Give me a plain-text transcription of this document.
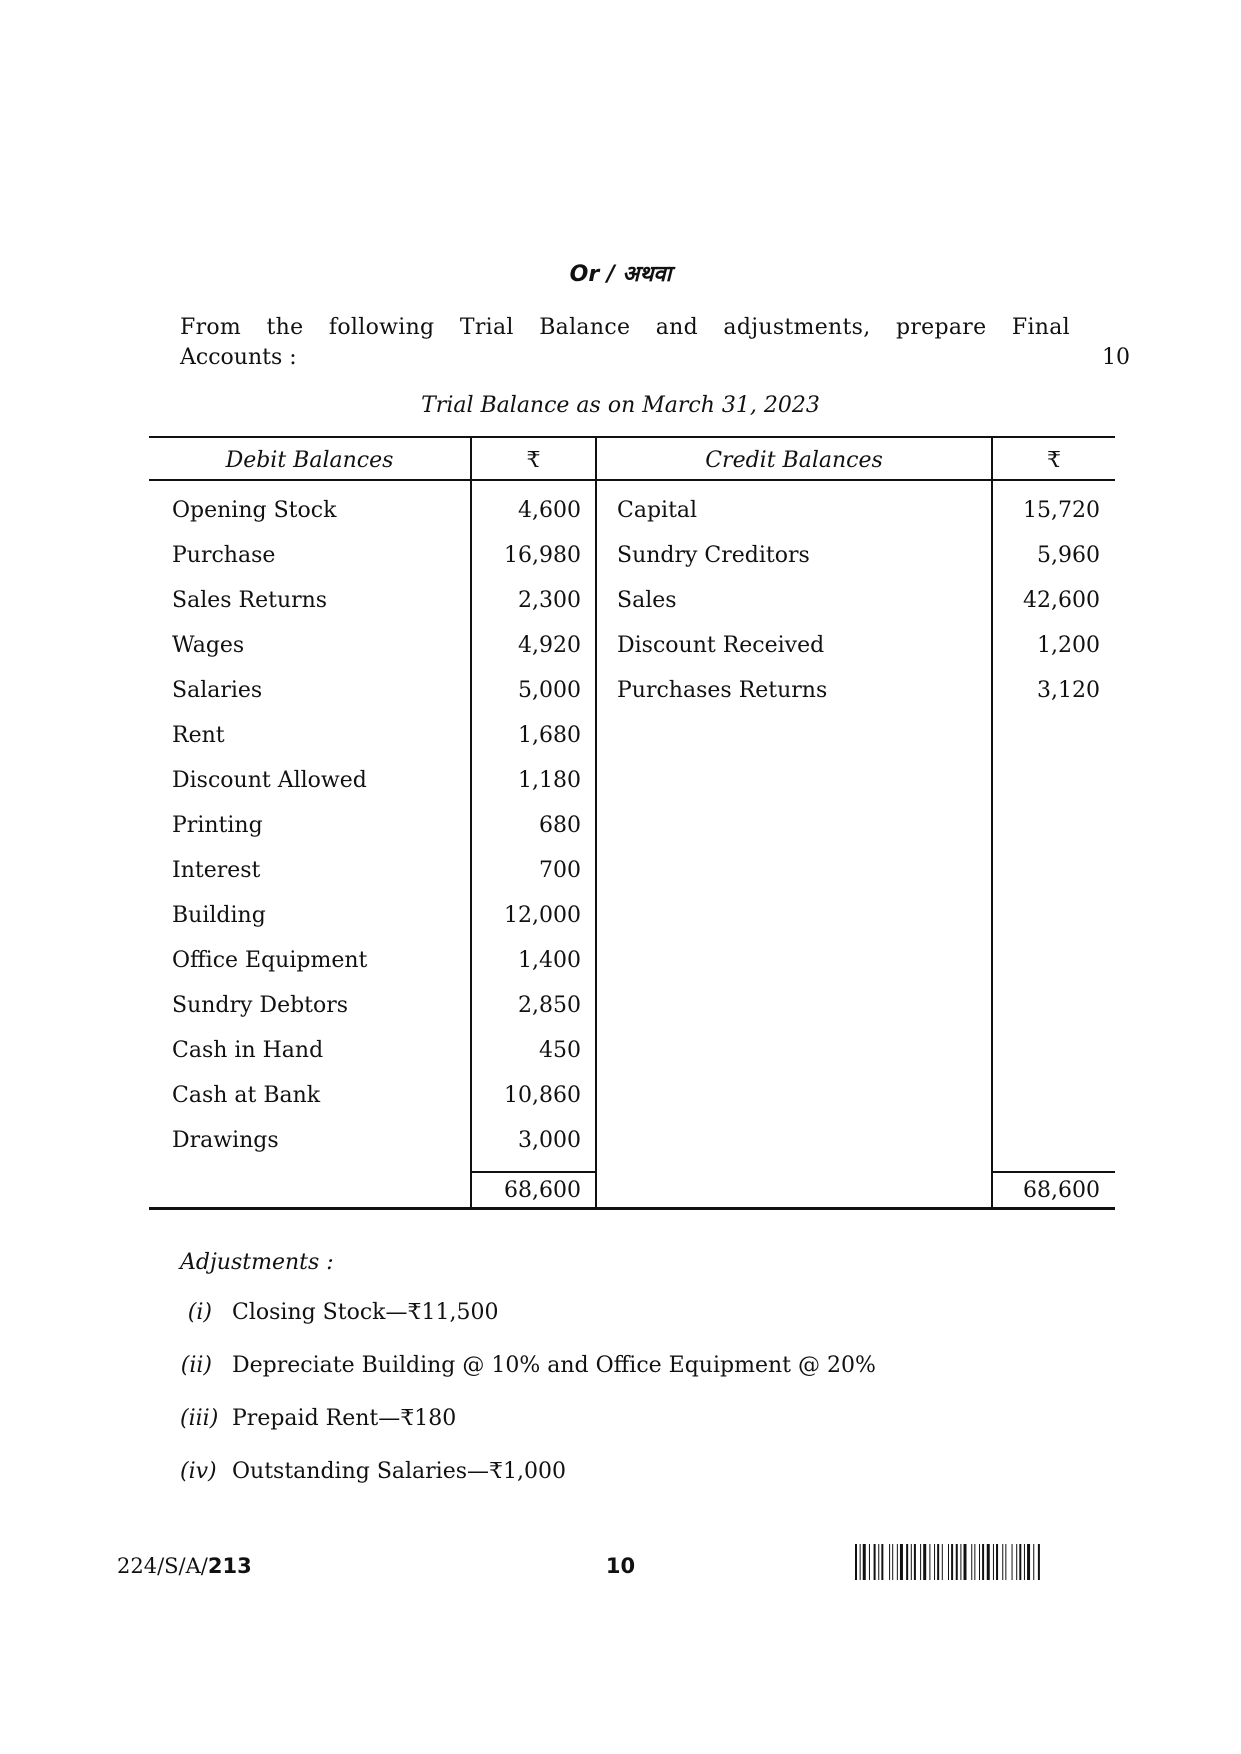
Or / अथवा
From the following Trial Balance and adjustments, prepare Final
Accounts :	10
Trial Balance as on March 31, 2023
Debit Balances	₹	Credit Balances	₹
Opening Stock	4,600 Capital	15,720
Purchase	16,980 Sundry Creditors	5,960
Sales Returns	2,300 Sales	42,600
Wages	4,920 Discount Received	1,200
Salaries	5,000 Purchases Returns	3,120
Rent	1,680
Discount Allowed	1,180
Printing	680
Interest	700
Building	12,000
Office Equipment	1,400
Sundry Debtors	2,850
Cash in Hand	450
Cash at Bank	10,860
Drawings	3,000
68,600	68,600
Adjustments :
(i) Closing Stock—₹11,500
(ii) Depreciate Building @ 10% and Office Equipment @ 20%
(iii) Prepaid Rent—₹180
(iv) Outstanding Salaries—₹1,000
224/S/A/213	10
